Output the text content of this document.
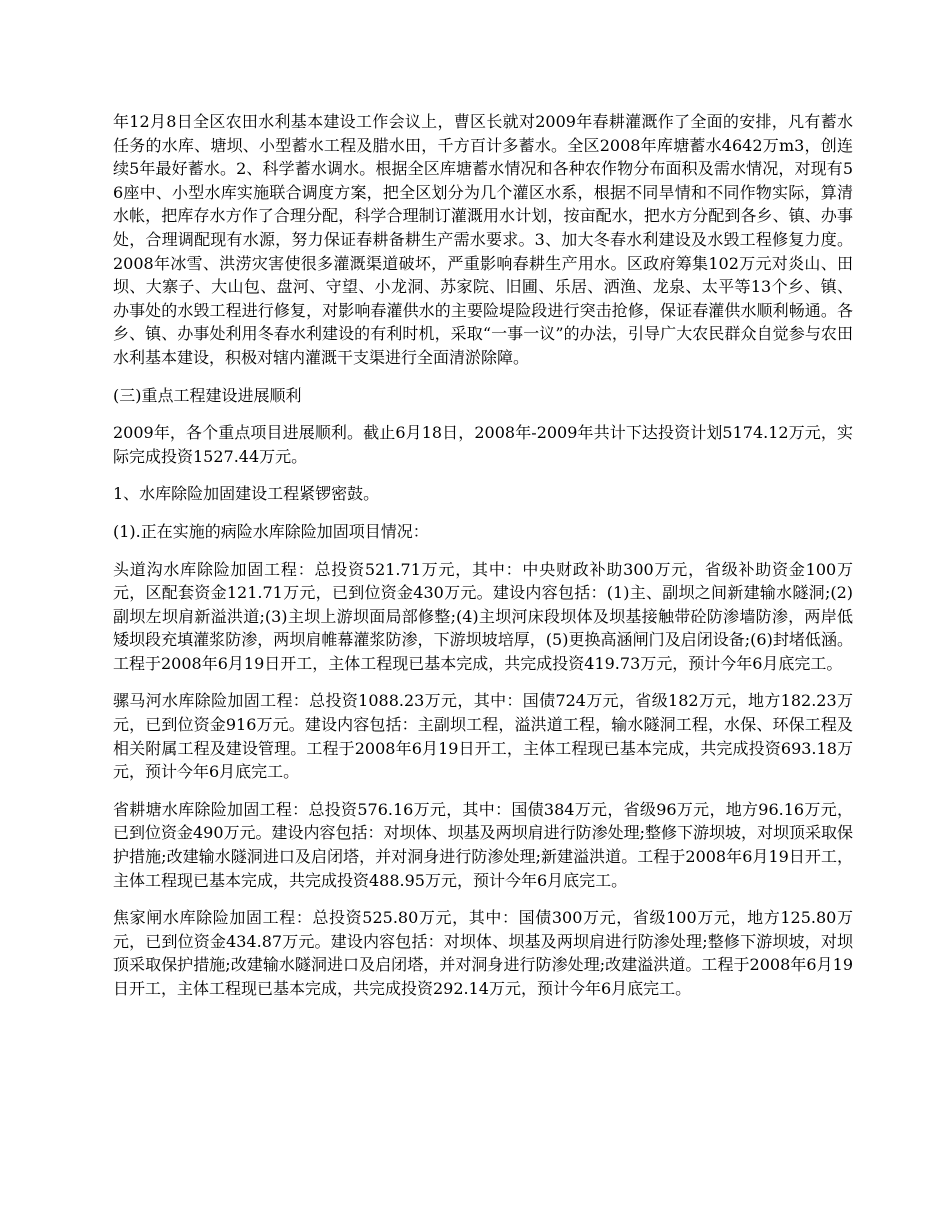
年12月8日全区农田水利基本建设工作会议上，曹区长就对2009年春耕灌溉作了全面的安排，凡有蓄水任务的水库、塘坝、小型蓄水工程及腊水田，千方百计多蓄水。全区2008年库塘蓄水4642万m3，创连续5年最好蓄水。2、科学蓄水调水。根据全区库塘蓄水情况和各种农作物分布面积及需水情况，对现有56座中、小型水库实施联合调度方案，把全区划分为几个灌区水系，根据不同旱情和不同作物实际，算清水帐，把库存水方作了合理分配，科学合理制订灌溉用水计划，按亩配水，把水方分配到各乡、镇、办事处，合理调配现有水源，努力保证春耕备耕生产需水要求。3、加大冬春水利建设及水毁工程修复力度。2008年冰雪、洪涝灾害使很多灌溉渠道破坏，严重影响春耕生产用水。区政府筹集102万元对炎山、田坝、大寨子、大山包、盘河、守望、小龙洞、苏家院、旧圃、乐居、洒渔、龙泉、太平等13个乡、镇、办事处的水毁工程进行修复，对影响春灌供水的主要险堤险段进行突击抢修，保证春灌供水顺利畅通。各乡、镇、办事处利用冬春水利建设的有利时机，采取“一事一议”的办法，引导广大农民群众自觉参与农田水利基本建设，积极对辖内灌溉干支渠进行全面清淤除障。

(三)重点工程建设进展顺利

2009年，各个重点项目进展顺利。截止6月18日，2008年-2009年共计下达投资计划5174.12万元，实际完成投资1527.44万元。

1、水库除险加固建设工程紧锣密鼓。

(1).正在实施的病险水库除险加固项目情况：

头道沟水库除险加固工程：总投资521.71万元，其中：中央财政补助300万元，省级补助资金100万元，区配套资金121.71万元，已到位资金430万元。建设内容包括：(1)主、副坝之间新建输水隧洞;(2)副坝左坝肩新溢洪道;(3)主坝上游坝面局部修整;(4)主坝河床段坝体及坝基接触带砼防渗墙防渗，两岸低矮坝段充填灌浆防渗，两坝肩帷幕灌浆防渗，下游坝坡培厚，(5)更换高涵闸门及启闭设备;(6)封堵低涵。工程于2008年6月19日开工，主体工程现已基本完成，共完成投资419.73万元，预计今年6月底完工。

骡马河水库除险加固工程：总投资1088.23万元，其中：国债724万元，省级182万元，地方182.23万元，已到位资金916万元。建设内容包括：主副坝工程，溢洪道工程，输水隧洞工程，水保、环保工程及相关附属工程及建设管理。工程于2008年6月19日开工，主体工程现已基本完成，共完成投资693.18万元，预计今年6月底完工。

省耕塘水库除险加固工程：总投资576.16万元，其中：国债384万元，省级96万元，地方96.16万元，已到位资金490万元。建设内容包括：对坝体、坝基及两坝肩进行防渗处理;整修下游坝坡，对坝顶采取保护措施;改建输水隧洞进口及启闭塔，并对洞身进行防渗处理;新建溢洪道。工程于2008年6月19日开工，主体工程现已基本完成，共完成投资488.95万元，预计今年6月底完工。

焦家闸水库除险加固工程：总投资525.80万元，其中：国债300万元，省级100万元，地方125.80万元，已到位资金434.87万元。建设内容包括：对坝体、坝基及两坝肩进行防渗处理;整修下游坝坡，对坝顶采取保护措施;改建输水隧洞进口及启闭塔，并对洞身进行防渗处理;改建溢洪道。工程于2008年6月19日开工，主体工程现已基本完成，共完成投资292.14万元，预计今年6月底完工。
